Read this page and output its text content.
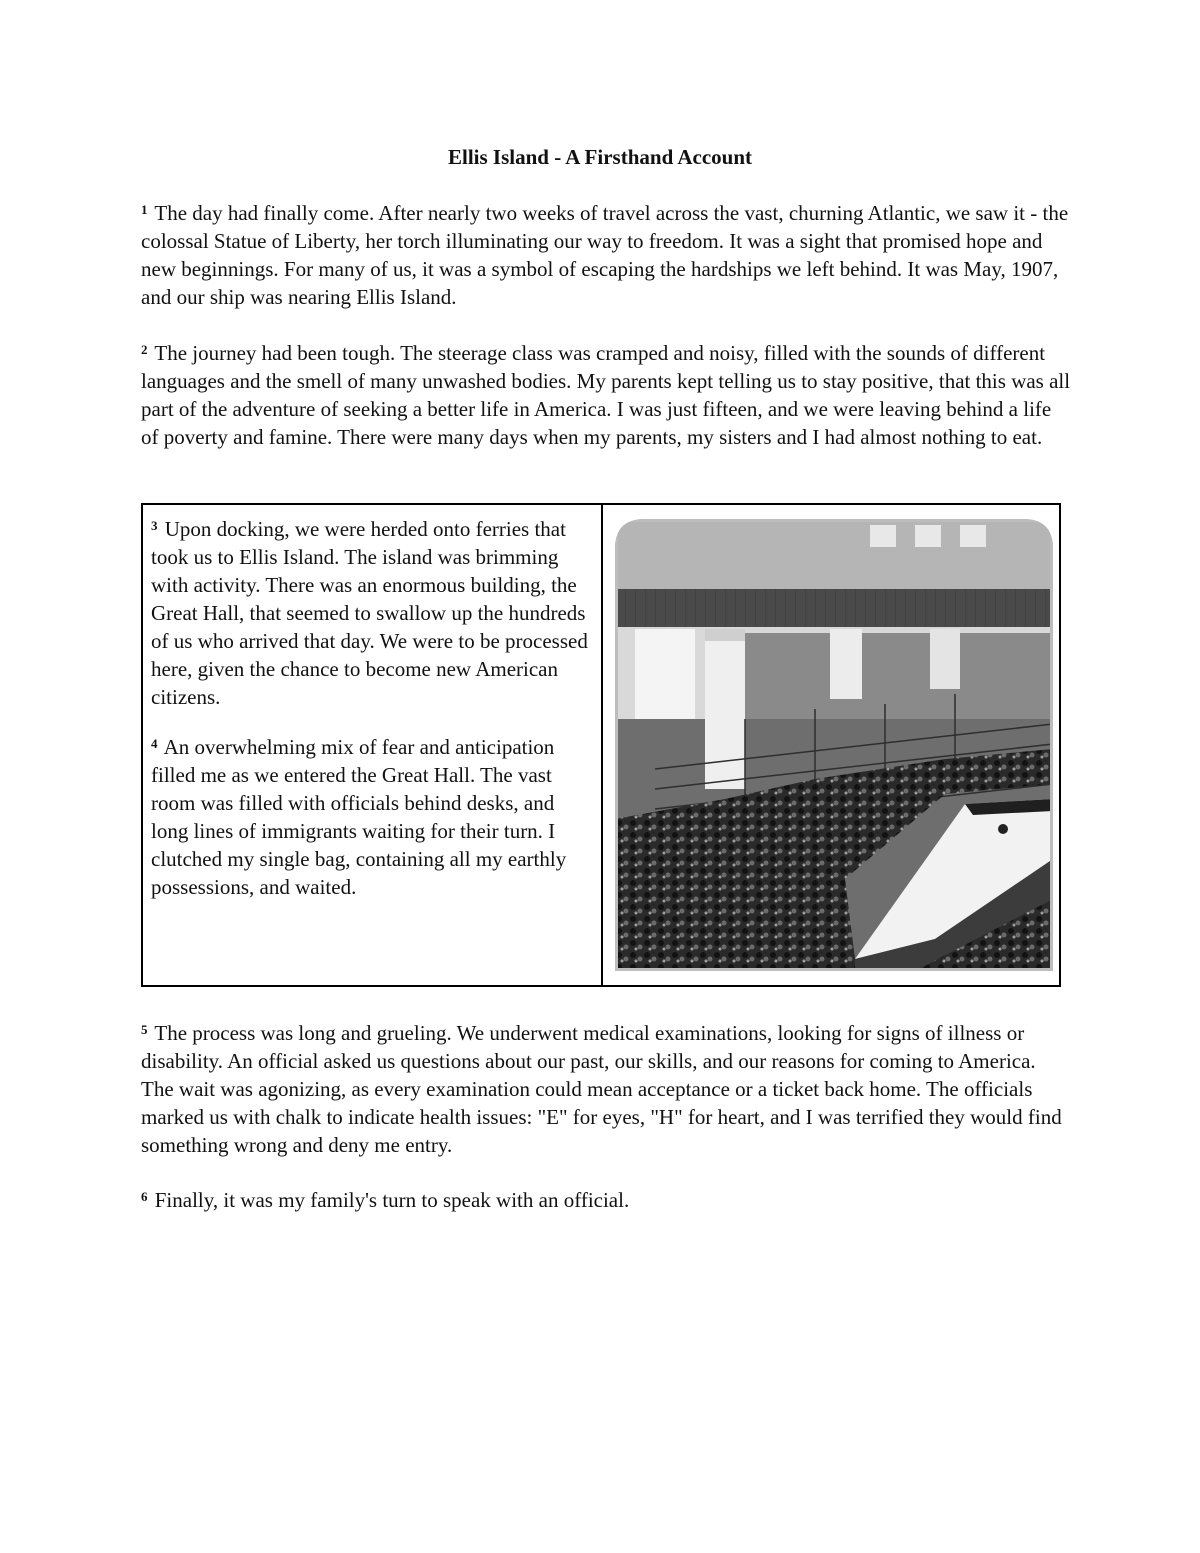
Ellis Island - A Firsthand Account

$^1$ The day had finally come. After nearly two weeks of travel across the vast, churning Atlantic, we saw it - the colossal Statue of Liberty, her torch illuminating our way to freedom. It was a sight that promised hope and new beginnings. For many of us, it was a symbol of escaping the hardships we left behind. It was May, 1907, and our ship was nearing Ellis Island.

$^2$ The journey had been tough. The steerage class was cramped and noisy, filled with the sounds of different languages and the smell of many unwashed bodies. My parents kept telling us to stay positive, that this was all part of the adventure of seeking a better life in America. I was just fifteen, and we were leaving behind a life of poverty and famine. There were many days when my parents, my sisters and I had almost nothing to eat.

$^3$ Upon docking, we were herded onto ferries that took us to Ellis Island. The island was brimming with activity. There was an enormous building, the Great Hall, that seemed to swallow up the hundreds of us who arrived that day. We were to be processed here, given the chance to become new American citizens.

$^4$ An overwhelming mix of fear and anticipation filled me as we entered the Great Hall. The vast room was filled with officials behind desks, and long lines of immigrants waiting for their turn. I clutched my single bag, containing all my earthly possessions, and waited.

$^5$ The process was long and grueling. We underwent medical examinations, looking for signs of illness or disability. An official asked us questions about our past, our skills, and our reasons for coming to America. The wait was agonizing, as every examination could mean acceptance or a ticket back home. The officials marked us with chalk to indicate health issues: "E" for eyes, "H" for heart, and I was terrified they would find something wrong and deny me entry.

$^6$ Finally, it was my family's turn to speak with an official.
